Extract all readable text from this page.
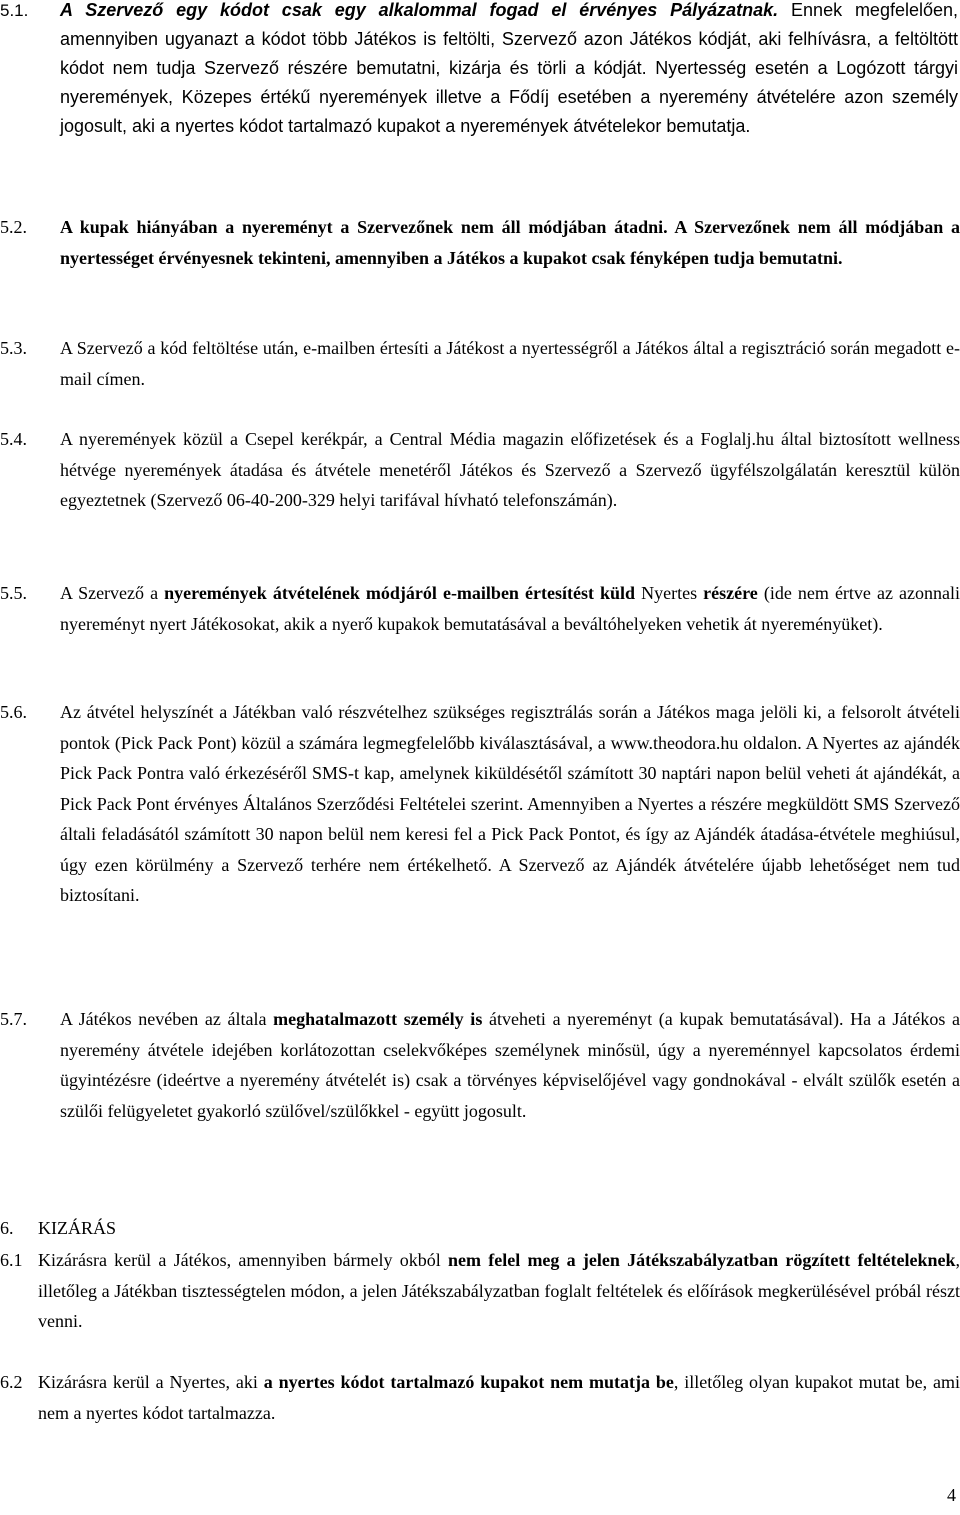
5.1.	A Szervező egy kódot csak egy alkalommal fogad el érvényes Pályázatnak. Ennek megfelelően, amennyiben ugyanazt a kódot több Játékos is feltölti, Szervező azon Játékos kódját, aki felhívásra, a feltöltött kódot nem tudja Szervező részére bemutatni, kizárja és törli a kódját. Nyertesség esetén a Logózott tárgyi nyeremények, Közepes értékű nyeremények illetve a Fődíj esetében a nyeremény átvételére azon személy jogosult, aki a nyertes kódot tartalmazó kupakot a nyeremények átvételekor bemutatja.
5.2.	A kupak hiányában a nyereményt a Szervezőnek nem áll módjában átadni. A Szervezőnek nem áll módjában a nyertességet érvényesnek tekinteni, amennyiben a Játékos a kupakot csak fényképen tudja bemutatni.
5.3.	A Szervező a kód feltöltése után, e-mailben értesíti a Játékost a nyertességről a Játékos által a regisztráció során megadott e-mail címen.
5.4.	A nyeremények közül a Csepel kerékpár, a Central Média magazin előfizetések és a Foglalj.hu által biztosított wellness hétvége nyeremények átadása és átvétele menetéről Játékos és Szervező a Szervező ügyfélszolgálatán keresztül külön egyeztetnek (Szervező 06-40-200-329 helyi tarifával hívható telefonszámán).
5.5.	A Szervező a nyeremények átvételének módjáról e-mailben értesítést küld Nyertes részére (ide nem értve az azonnali nyereményt nyert Játékosokat, akik a nyerő kupakok bemutatásával a beváltóhelyeken vehetik át nyereményüket).
5.6.	Az átvétel helyszínét a Játékban való részvételhez szükséges regisztrálás során a Játékos maga jelöli ki, a felsorolt átvételi pontok (Pick Pack Pont) közül a számára legmegfelelőbb kiválasztásával, a www.theodora.hu oldalon. A Nyertes az ajándék Pick Pack Pontra való érkezéséről SMS-t kap, amelynek kiküldésétől számított 30 naptári napon belül veheti át ajándékát, a Pick Pack Pont érvényes Általános Szerződési Feltételei szerint. Amennyiben a Nyertes a részére megküldött SMS Szervező általi feladásától számított 30 napon belül nem keresi fel a Pick Pack Pontot, és így az Ajándék átadása-étvétele meghiúsul, úgy ezen körülmény a Szervező terhére nem értékelhető. A Szervező az Ajándék átvételére újabb lehetőséget nem tud biztosítani.
5.7.	A Játékos nevében az általa meghatalmazott személy is átveheti a nyereményt (a kupak bemutatásával). Ha a Játékos a nyeremény átvétele idejében korlátozottan cselekvőképes személynek minősül, úgy a nyereménnyel kapcsolatos érdemi ügyintézésre (ideértve a nyeremény átvételét is) csak a törvényes képviselőjével vagy gondnokával - elvált szülők esetén a szülői felügyeletet gyakorló szülővel/szülőkkel - együtt jogosult.
6. KIZÁRÁS
6.1 Kizárásra kerül a Játékos, amennyiben bármely okból nem felel meg a jelen Játékszabályzatban rögzített feltételeknek, illetőleg a Játékban tisztességtelen módon, a jelen Játékszabályzatban foglalt feltételek és előírások megkerülésével próbál részt venni.
6.2 Kizárásra kerül a Nyertes, aki a nyertes kódot tartalmazó kupakot nem mutatja be, illetőleg olyan kupakot mutat be, ami nem a nyertes kódot tartalmazza.
4
